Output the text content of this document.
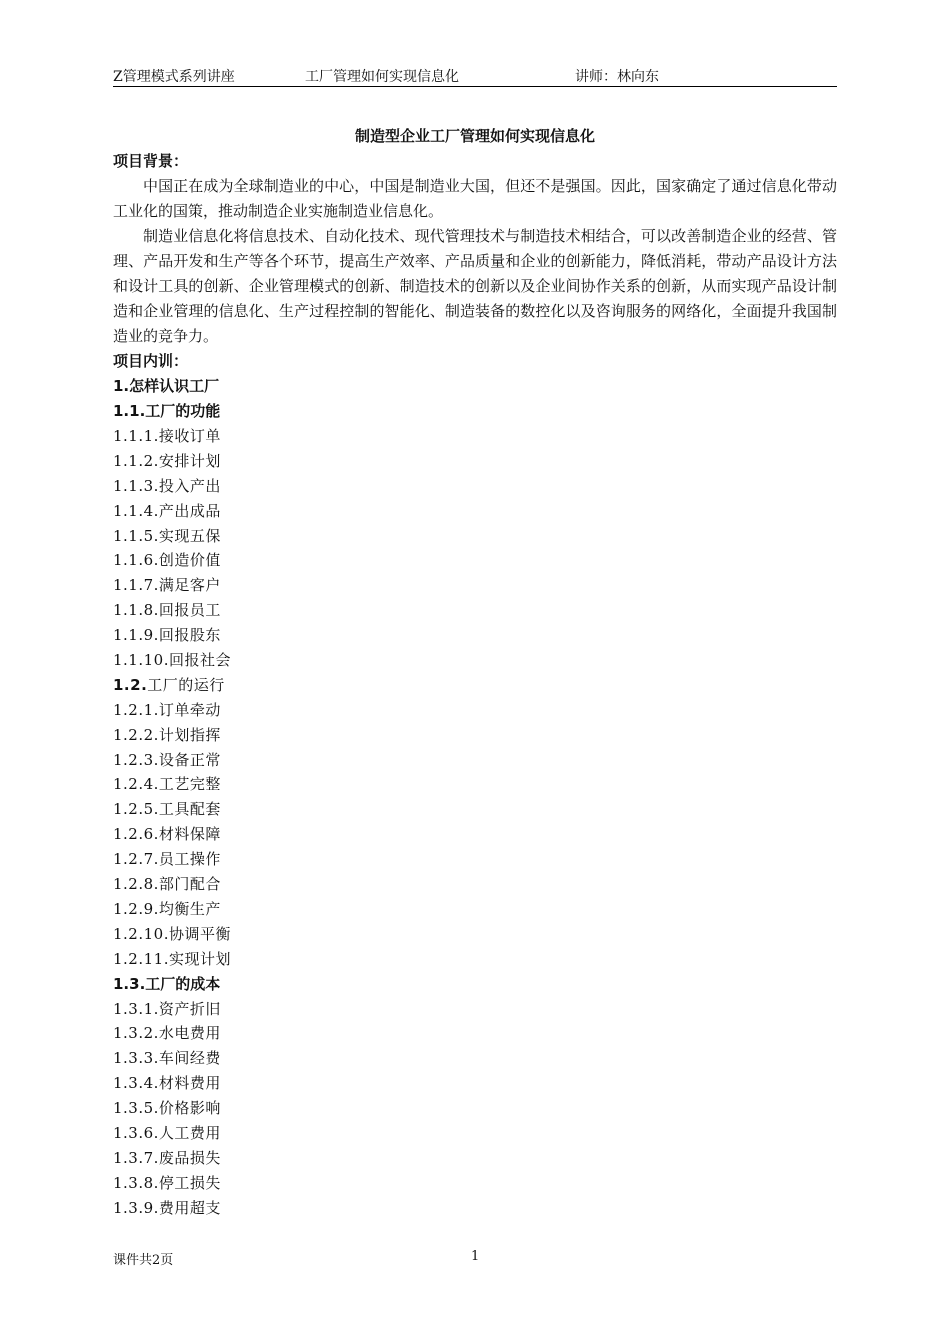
Z管理模式系列讲座	工厂管理如何实现信息化	讲师：林向东
制造型企业工厂管理如何实现信息化
项目背景：

中国正在成为全球制造业的中心，中国是制造业大国，但还不是强国。因此，国家确定了通过信息化带动工业化的国策，推动制造企业实施制造业信息化。

制造业信息化将信息技术、自动化技术、现代管理技术与制造技术相结合，可以改善制造企业的经营、管理、产品开发和生产等各个环节，提高生产效率、产品质量和企业的创新能力，降低消耗，带动产品设计方法和设计工具的创新、企业管理模式的创新、制造技术的创新以及企业间协作关系的创新，从而实现产品设计制造和企业管理的信息化、生产过程控制的智能化、制造装备的数控化以及咨询服务的网络化，全面提升我国制造业的竞争力。

项目内训：
1.怎样认识工厂
1.1.工厂的功能
1.1.1.接收订单
1.1.2.安排计划
1.1.3.投入产出
1.1.4.产出成品
1.1.5.实现五保
1.1.6.创造价值
1.1.7.满足客户
1.1.8.回报员工
1.1.9.回报股东
1.1.10.回报社会
1.2.工厂的运行
1.2.1.订单牵动
1.2.2.计划指挥
1.2.3.设备正常
1.2.4.工艺完整
1.2.5.工具配套
1.2.6.材料保障
1.2.7.员工操作
1.2.8.部门配合
1.2.9.均衡生产
1.2.10.协调平衡
1.2.11.实现计划
1.3.工厂的成本
1.3.1.资产折旧
1.3.2.水电费用
1.3.3.车间经费
1.3.4.材料费用
1.3.5.价格影响
1.3.6.人工费用
1.3.7.废品损失
1.3.8.停工损失
1.3.9.费用超支
课件共2页	1
